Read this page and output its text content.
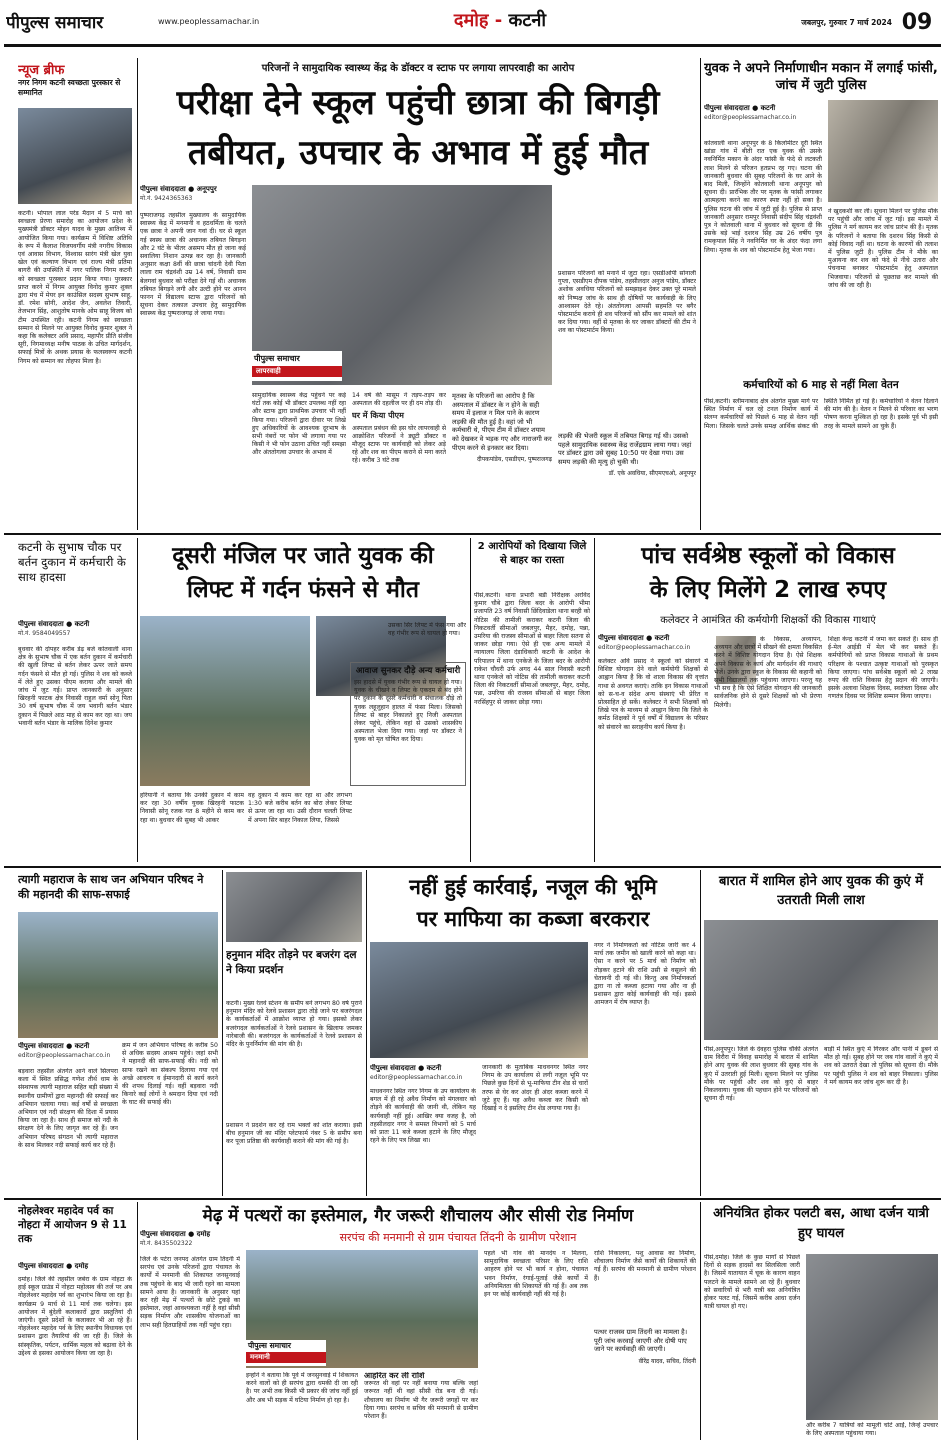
पीपुल्स समाचार	www.peoplessamachar.in	दमोह - कटनी	जबलपुर, गुरुवार 7 मार्च 2024 09
न्यूज ब्रीफ
नगर निगम कटनी स्वच्छता पुरस्कार से सम्मानित
कटनी। भोपाल लाल परेड मैदान में 5 मार्च को स्वच्छता प्रेरणा समारोह का आयोजन प्रदेश के मुख्यमंत्री डॉक्टर मोहन यादव के मुख्य आतिथ्य में आयोजित किया गया। कार्यक्रम में विशिष्ट अतिथि के रूप में कैलाश विजयवर्गीय मंत्री नगरीय विकास एवं आवास विभाग, विश्वास सारंग मंत्री खेल युवा खेल एवं कल्याण विभाग एवं राज्य मंत्री प्रतिमा बागरी की उपस्थिति में नगर पालिक निगम कटनी को स्वच्छता पुरस्कार प्रदान किया गया। पुरस्कार प्राप्त करने में निगम आयुक्त विनोद कुमार शुक्ल द्वारा मंच में मेयर इन काउंसिल सदस्य सुभाष साहू, डॉ. रमेश सोनी, आदेश जैन, अवलेश तिवारी, तेजभान सिंह, आशुतोष मानके ओम साहू विजय को टीम उपस्थित रही। कटनी निगम को स्वच्छता सम्मान से मिलने पर आयुक्त विनोद कुमार शुक्ल ने कहा कि कलेक्टर अवि प्रसाद, महापौर प्रीति संजीव सूरी, निगमाध्यक्ष मनीष पाठक के उचित मार्गदर्शन, सफाई मित्रों के अथक प्रयास के फलस्वरूप कटनी निगम को सम्मान का तोहफा मिला है।
परिजनों ने सामुदायिक स्वास्थ्य केंद्र के डॉक्टर व स्टाफ पर लगाया लापरवाही का आरोप
परीक्षा देने स्कूल पहुंची छात्रा की बिगड़ी
तबीयत, उपचार के अभाव में हुई मौत
पीपुल्स संवाददाता ● अनूपपुर
मो.नं. 9424365363
पुष्पराजगढ़ तहसील मुख्यालय के सामुदायिक स्वास्थ्य केंद्र में मनमानी व हठधर्मिता के चलते एक छात्रा ने अपनी जान गवां दी। घर से स्कूल गई स्वस्थ छात्रा की अचानक तबियत बिगड़ना और 2 घंटे के भीतर असमय मौत हो जाना कई सवालिया निशान उत्पन्न कर रहा है। जानकारी अनुसार कक्षा 8वीं की छात्रा चांदनी देवी पिता लाला राम चंद्रवंशी उम्र 14 वर्ष, निवासी ग्राम बेलगवां बुधवार को परीक्षा देने गई थी। अचानक तबियत बिगड़ने लगी और उल्टी होने पर आनन फानन में विद्यालय स्टाफ द्वारा परिजनों को सूचना देकर तत्काल उपचार हेतु सामुदायिक स्वास्थ्य केंद्र पुष्पराजगढ़ ले जाया गया।
पीपुल्स समाचार
लापरवाही
सामुदायिक स्वास्थ्य केंद्र पहुंचने पर कई घंटों तक कोई भी डॉक्टर उपलब्ध नहीं रहा और स्टाफ द्वारा प्राथमिक उपचार भी नहीं किया गया। परिजनों द्वारा दीवार पर लिखे हुए अधिकारियों के आवश्यक दूरभाष के सभी नंबरों पर फोन भी लगाया गया पर किसी ने भी फोन उठाना उचित नहीं समझा और अंततोगत्वा उपचार के अभाव में
14 वर्ष की मासूम ने तड़प-तड़प कर अस्पताल की दहलीज पर ही दम तोड़ दी।
घर में किया पीएम
अस्पताल प्रबंधन की इस घोर लापरवाही से आक्रोशित परिजनों ने ड्यूटी डॉक्टर व मौजूद स्टाफ पर कार्यवाही को लेकर अड़े रहे और शव का पीएम कराने से मना करते रहे। करीब 3 घंटे तक
मृतका के परिजनों का आरोप है कि अस्पताल में डॉक्टर के न होने के सही समय में इलाज न मिल पाने के कारण लड़की की मौत हुई है। वहां जो भी कर्मचारी थे, पीएम टीम में डॉक्टर शयाम को देखकर वे भड़क गए और नाराजगी कर पीएम करने से इनकार कर दिया।
दीपकपांडेय, एसडीएम, पुष्पराजगढ़
प्रशासन परिजनों को मनाने में जुटा रहा। एसडीओपी सोनाली गुप्ता, एसडीएम दीपक पांडेय, तहसीलदार अनुज पांडेय, डॉक्टर अशोक अवधिया परिजनों को समझाइश देकर उक्त पूरे मामले को निष्पक्ष जांच के साथ ही दोषियों पर कार्यवाही के लिए आश्वासन देते रहे। अंततोगत्वा आपसी सहमति पर बगैर पोस्टमार्टम कराये ही शव परिजनों को सौंप कर मामले को शांत कर दिया गया। वहीं से मृतका के घर जाकर डॉक्टरों की टीम ने शव का पोस्टमार्टम किया।
लड़की की भेजरी स्कूल में तबियत बिगड़ गई थी। उसको पहले सामुदायिक स्वास्थ्य केंद्र राजेंद्रग्राम लाया गया। जहां पर डॉक्टर द्वारा उसे सुबह 10:50 पर देखा गया। उस समय लड़की की मृत्यु हो चुकी थी।
डॉ. एके अवधिया, सीएमएचओ, अनूपपुर
युवक ने अपने निर्माणाधीन मकान में लगाई फांसी, जांच में जुटी पुलिस
पीपुल्स संवाददाता ● कटनी
editor@peoplessamachar.co.in
कोतवाली थाना अनूपपुर के 8 किलोमीटर दूरी स्थित खांडा गांव में बीती रात एक युवक की उसके नवनिर्मित मकान के अंदर फांसी के फंदे से लटकती लाश मिलने से परिजन हतप्रभ रह गए। घटना की जानकारी बुधवार की सुबह परिजनों के घर आने के बाद मिली, जिन्होंने कोतवाली थाना अनूपपुर को सूचना दी। प्रारंभिक तौर पर मृतक के फांसी लगाकर आत्महत्या करने का कारण स्पष्ट नहीं हो सका है। पुलिस घटना की जांच में जुटी हुई है। पुलिस से प्राप्त जानकारी अनुसार रामपुर निवासी संदीप सिंह चंद्रवंशी पुत्र ने कोतवाली थाना में बुधवार को सूचना दी कि उसके बड़े भाई दशरथ सिंह उम्र 26 वर्षीय पुत्र रामकृपाल सिंह ने नवनिर्मित घर के अंदर फंदा लगा लिया। मृतक के शव को पोस्टमार्टम हेतु भेजा गया।
ने खुदकशी कर ली। सूचना मिलने पर पुलिस मौके पर पहुंची और जांच में जुट गई। इस मामले में पुलिस ने मर्ग कायम कर जांच प्रारंभ की है। मृतक के परिजनों ने बताया कि दशरथ सिंह किसी से कोई विवाद नहीं था। घटना के कारणों की तलाश में पुलिस जुटी है। पुलिस टीम ने मौके का मुआयना कर शव को फंदे से नीचे उतारा और पंचनामा बनाकर पोस्टमार्टम हेतु अस्पताल भिजवाया। परिजनों से पूछताछ कर मामले की जांच की जा रही है।
कर्मचारियों को 6 माह से नहीं मिला वेतन
पीसं,कटनी। स्लीमनाबाद क्षेत्र अंतर्गत मुख्य मार्ग पर स्थित निर्माण में चल रहे टनल निर्माण कार्य में संलग्न कर्मचारियों को पिछले 6 माह से वेतन नहीं मिला। जिसके चलते उनके समक्ष आर्थिक संकट की स्थिति निर्मित हो गई है। कर्मचारियों ने वेतन दिलाने की मांग की है। वेतन न मिलने से परिवार का भरण पोषण करना मुश्किल हो रहा है। इसके पूर्व भी इसी तरह के मामले सामने आ चुके हैं।
कटनी के सुभाष चौक पर बर्तन दुकान में कर्मचारी के साथ हादसा
पीपुल्स संवाददाता ● कटनी
मो.नं. 9584049557
बुधवार की दोपहर करीब डेढ़ बजे कोतवाली थाना क्षेत्र के सुभाष चौक में एक बर्तन दुकान में कर्मचारी की खुली लिफ्ट से बर्तन लेकर ऊपर जाते समय गर्दन फंसने से मौत हो गई। पुलिस ने शव को कब्जे में लेते हुए उसका पीएम कराया और मामले की जांच में जुट गई। प्राप्त जानकारी के अनुसार खिरहनी फाटक क्षेत्र निवासी राहुल वर्मा सोनू पिता 30 वर्ष सुभाष चौक में जय भवानी बर्तन भंडार दुकान में पिछले आठ माह से काम कर रहा था। जय भवानी बर्तन भंडार के मालिक दिनेश कुमार
दूसरी मंजिल पर जाते युवक की
लिफ्ट में गर्दन फंसने से मौत
उसका सिर लिफ्ट में फंस गया और वह गंभीर रूप से घायल हो गया।
आवाज सुनकर दौड़े अन्य कर्मचारी
इस हादसे में युवक गंभीर रूप से घायल हो गया। युवक के चीखने व लिफ्ट के एकदम से बंद होने पर दुकान के दूसरे कर्मचारी व संचालक दौड़े तो युवक लहूलुहान हालत में फंसा मिला। जिसको लिफ्ट से बाहर निकालते हुए निजी अस्पताल लेकर पहुंचे, लेकिन वहां से उसको शासकीय अस्पताल भेजा दिया गया। जहां पर डॉक्टर ने युवक को मृत घोषित कर दिया।
हरियानी ने बताया कि उनकी दुकान में काम कर रहा 30 वर्षीय युवक खिरहनी फाटक निवासी सोनू रजक गत 8 महीने से काम कर रहा था। बुधवार की सुबह भी आकर
वह दुकान में काम कर रहा था और लगभग 1:30 बजे करीब बर्तन का बोरा लेकर लिफ्ट से ऊपर जा रहा था। उसी दौरान चलती लिफ्ट में अपना सिर बाहर निकाल लिया, जिससे
2 आरोपियों को दिखाया जिले से बाहर का रास्ता
पीसं,कटनी। थाना प्रभारी बडी निरीक्षक अरविंद कुमार चौबे द्वारा जिला बदर के आरोपी भीमा प्रजापति 23 वर्ष निवासी छिंदिवाडेला थाना बरही को नोटिस की तामीली कराकर कटनी जिला की निकटवर्ती सीमाओं जबलपुर, मैहर, दमोह, पन्ना, उमरिया की राजस्व सीमाओं से बाहर जिला सतना से जाकर छोड़ा गया। ऐसे ही एक अन्य मामले में न्यायालय जिला दंडाधिकारी कटनी के आदेश के परिपालन में थाना एनकेजे के जिला बदर के आरोपी राकेश चौधरी उर्फ अगद 44 साल निवासी कटनी थाना एनकेजे को नोटिस की तामीली कराकर कटनी जिला की निकटवर्ती सीमाओं जबलपुर, मैहर, दमोह, पन्ना, उमरिया की राजस्व सीमाओं से बाहर जिला नरसिंहपुर से जाकर छोड़ा गया।
पांच सर्वश्रेष्ठ स्कूलों को विकास
के लिए मिलेंगे 2 लाख रुपए
कलेक्टर ने आमंत्रित की कर्मयोगी शिक्षकों की विकास गाथाएं
पीपुल्स संवाददाता ● कटनी
editor@peoplessamachar.co.in
कलेक्टर अवि प्रसाद ने स्कूलों को संवारने में विशिष्ट योगदान देने वाले कर्मयोगी शिक्षकों से आह्वान किया है कि वो शाला विकास की वृत्तांत गाथा से अवगत कराएं। ताकि इन विकास गाथाओं को स-च-व संदेश अन्य संस्थाएं भी प्रेरित व प्रोत्साहित हो सकें। कलेक्टर ने सभी शिक्षकों को लिखे पत्र के माध्यम से आह्वान किया कि जिले के कर्मठ शिक्षकों ने पूर्व वर्षों में विद्यालय के परिसर को संवारने का सराहनीय कार्य किया है।
के विकास, अध्यापन, अध्ययन और छात्रों में सीखने की क्षमता विकसित करने में विशिष्ट योगदान दिया है। ऐसे शिक्षक अपने विकास के कार्य और मार्गदर्शन की गाथाएं भेजें। उनके द्वारा स्कूल के विकास की कहानी को सभी विद्यालयों तक पहुंचाया जाएगा। परन्तु यह भी सच है कि ऐसे शिक्षित योगदान की जानकारी सार्वजनिक होने से दूसरे शिक्षकों को भी प्रेरणा मिलेगी।
शिक्षा केन्द्र कटनी में जमा कर सकते हैं। साथ ही ई-मेल आईडी में मेल भी कर सकते हैं। कर्मयोगियों को प्राप्त विकास गाथाओं के प्रथम परिक्षण के पश्चात उत्कृष्ट गाथाओं को पुरस्कृत किया जाएगा। पांच सर्वश्रेष्ठ स्कूलों को 2 लाख रुपए की राशि विकास हेतु प्रदान की जाएगी। इसके अलावा शिक्षक दिवस, स्वतंत्रता दिवस और गणतंत्र दिवस पर विशिष्ट सम्मान किया जाएगा।
त्यागी महाराज के साथ जन अभियान परिषद ने की महानदी की साफ-सफाई
पीपुल्स संवाददाता ● कटनी
editor@peoplessamachar.co.in
बड़वारा तहसील अंतर्गत आने वाले सिलपरा कला में स्थित प्रसिद्ध गणेश तीर्थ धाम के संस्थापक त्यागी महाराज सहित बड़ी संख्या में स्थानीय ग्रामीणों द्वारा महानदी की सफाई कर अभियान चलाया गया। कई वर्षों से स्वच्छता अभियान एवं नदी संरक्षण की दिशा में प्रयास किया जा रहा है। साथ ही समाज को नदी के संरक्षण देने के लिए जागृत कर रहे हैं। जन अभियान परिषद संगठन भी त्यागी महाराज के साथ मिलकर नदी सफाई कार्य कर रहे हैं।
क्रम में जन अभियान परिषद के करीब 50 से अधिक सदस्य आश्रम पहुंचे। जहां सभी ने महानदी की साफ-सफाई की। नदी को साफ रखने का संकल्प दिलाया गया एवं अच्छे आचरण व ईमानदारी से कार्य करने की शपथ दिलाई गई। वहीं बड़वारा नदी किनारे कई लोगों ने श्रमदान दिया एवं नदी के घाट की सफाई की।
हनुमान मंदिर तोड़ने पर बजरंग दल ने किया प्रदर्शन
कटनी। मुख्य रेलवे स्टेशन के समीप बने लगभग 80 वर्ष पुराने हनुमान मंदिर को रेलवे प्रशासन द्वारा तोड़े जाने पर बजरंगदल के कार्यकर्ताओं में आक्रोश व्याप्त हो गया। इसको लेकर बजरंगदल कार्यकर्ताओं ने रेलवे प्रशासन के खिलाफ जमकर नारेबाजी की। बजरंगदल के कार्यकर्ताओं ने रेलवे प्रशासन से मंदिर के पुनर्निर्माण की मांग की है।
प्रशासन ने प्रदर्शन कर रहे राम भक्तों को शांत कराया। इसी बीच हनुमान जी का मंदिर प्लेटफार्म नंबर 5 के समीप बना कर पूजा प्रतिष्ठा की कार्यवाही कराने की मांग की गई है।
नहीं हुई कार्रवाई, नजूल की भूमि
पर माफिया का कब्जा बरकरार
पीपुल्स संवाददाता ● कटनी
editor@peoplessamachar.co.in
माधवनगर स्थित नगर निगम के उप कार्यालय के बगल में ही रहे अवैध निर्माण को मंगलवार को तोड़ने की कार्यवाही की जानी थी, लेकिन यह कार्यवाही नहीं हुई। आखिर क्या वजह है, जो तहसीलदार नगर ने समस्त विभागों को 5 मार्च को प्रातः 11 बजे कब्जा हटाने के लिए मौजूद रहने के लिए पत्र लिखा था।
जानकारी के मुताबिक माधवनगर स्थित नगर निगम के उप कार्यालय से लगी नजूल भूमि पर पिछले कुछ दिनों से भू-माफिया टीन शेड से चारों तरफ से घेर कर अंदर ही अंदर कब्जा करने में जुटे हुए हैं। यह अवैध कब्जा कर किसी को दिखाई न दे इसलिए टीन शेड लगाया गया है।
नगर ने निर्माणकर्ता को नोटिस जारी कर 4 मार्च तक जमीन को खाली करने को कहा था। ऐसा न करने पर 5 मार्च को निर्माण को तोड़कर हटाने की राशि उसी से वसूलने की चेतावनी दी गई थी। किन्तु अब निर्माणकर्ता द्वारा ना तो कब्जा हटाया गया और ना ही प्रशासन द्वारा कोई कार्यवाही की गई। इससे आमजन में रोष व्याप्त है।
बारात में शामिल होने आए युवक की कुएं में उतराती मिली लाश
पीसं,अनूपपुर। जिले के देवहरा पुलिस चौकी अंतर्गत ग्राम विरौरा में विवाह समारोह में बारात में शामिल होने आए युवक की लाश बुधवार की सुबह गांव के कुएं में उतराती हुई मिली। सूचना मिलने पर पुलिस मौके पर पहुंची और शव को कुएं से बाहर निकलवाया। युवक की पहचान होने पर परिजनों को सूचना दी गई।
बाड़ी में स्थित कुएं में गिरकर और पानी में डूबने से मौत हो गई। सुबह होने पर जब गांव वालों ने कुएं में शव को उतराते देखा तो पुलिस को सूचना दी। मौके पर पहुंची पुलिस ने शव को बाहर निकाला। पुलिस ने मर्ग कायम कर जांच शुरू कर दी है।
नोहलेश्वर महादेव पर्व का नोहटा में आयोजन 9 से 11 तक
पीपुल्स संवाददाता ● दमोह
दमोह। जिले की तहसील जबेरा के ग्राम नोहटा के हाई स्कूल ग्राउंड में नोहटा महोत्सव की तर्ज पर अब नोहलेश्वर महादेव पर्व का शुभारंभ किया जा रहा है। कार्यक्रम 9 मार्च से 11 मार्च तक चलेगा। इस आयोजन में बुंदेली कलाकारों द्वारा प्रस्तुतियां दी जाएंगी। दूसरे प्रदेशों के कलाकार भी आ रहे हैं। नोहलेश्वर महादेव पर्व के लिए स्थानीय विधायक एवं प्रशासन द्वारा तैयारियां की जा रही हैं। जिले के सांस्कृतिक, पर्यटन, धार्मिक महत्व को बढ़ावा देने के उद्देश्य से इसका आयोजन किया जा रहा है।
मेढ़ में पत्थरों का इस्तेमाल, गैर जरूरी शौचालय और सीसी रोड निर्माण
सरपंच की मनमानी से ग्राम पंचायत तिंदनी के ग्रामीण परेशान
पीपुल्स संवाददाता ● दमोह
मो.नं. 8435502322
जिले के पटेरा जनपद अंतर्गत ग्राम तिंदनी में सरपंच एवं उनके परिजनों द्वारा पंचायत के कार्यों में मनमानी की शिकायत जनसुनवाई तक पहुंचने के बाद भी जारी रहने का मामला सामने आया है। जानकारी के अनुसार यहां कर रही मेढ़ में पत्थरों के छोटे टुकड़े का इस्तेमाल, जहां आवश्यकता नहीं है वहां सीसी सड़क निर्माण और शासकीय योजनाओं का लाभ सही हितग्राहियों तक नहीं पहुंच रहा।
पीपुल्स समाचार
मनमानी
इन्होंने ने बताया कि पूर्व में जनसुनवाई में शिकायत करने वालों को ही सरपंच द्वारा धमकी दी जा रही है। पर अभी तक किसी भी प्रकार की जांच नहीं हुई और अब भी सड़क में घटिया निर्माण हो रहा है।
आहरित कर ली राशि
जरूरत थी वहां पर नहीं बनाया गया बल्कि जहां जरूरत नहीं थी वहां सीसी रोड बना दी गई। शौचालय का निर्माण भी गैर जरूरी जगहों पर कर दिया गया। सरपंच व सचिव की मनमानी से ग्रामीण परेशान हैं।
पहले भी गांव की मानदेय न मिलना, सामुदायिक स्वच्छता परिसर के लिए राशि आहरण होने पर भी कार्य न होना, पंचायत भवन निर्माण, रंगाई-पुताई जैसे कार्यों में अनियमितता की शिकायतें की गई हैं। अब तक इन पर कोई कार्यवाही नहीं की गई है।
राशि निकालना, पशु आवास का निर्माण, शौचालय निर्माण जैसे कार्यों की शिकायतें की गई हैं। सरपंच की मनमानी से ग्रामीण परेशान हैं।
पत्थर राजस्व ग्राम तिंदनी का मामला है। पूरी जांच करवाई जाएगी और दोषी पाए जाने पर कार्यवाही की जाएगी।
वीरेंद्र यादव, सचिव, तिंदनी
अनियंत्रित होकर पलटी बस, आधा दर्जन यात्री हुए घायल
पीसं,दमोह। जिले के कुछ मार्गों से पिछले दिनों से सड़क हादसों का सिलसिला जारी है। जिसमें यातायात में चूक के कारण वाहन पलटने के मामले सामने आ रहे हैं। बुधवार को सवारियों से भरी यात्री बस अनियंत्रित होकर पलट गई, जिसमें करीब आधा दर्जन यात्री घायल हो गए।
और करीब 7 यात्रियों को मामूली चोटें आईं, जिन्हें उपचार के लिए अस्पताल पहुंचाया गया।
